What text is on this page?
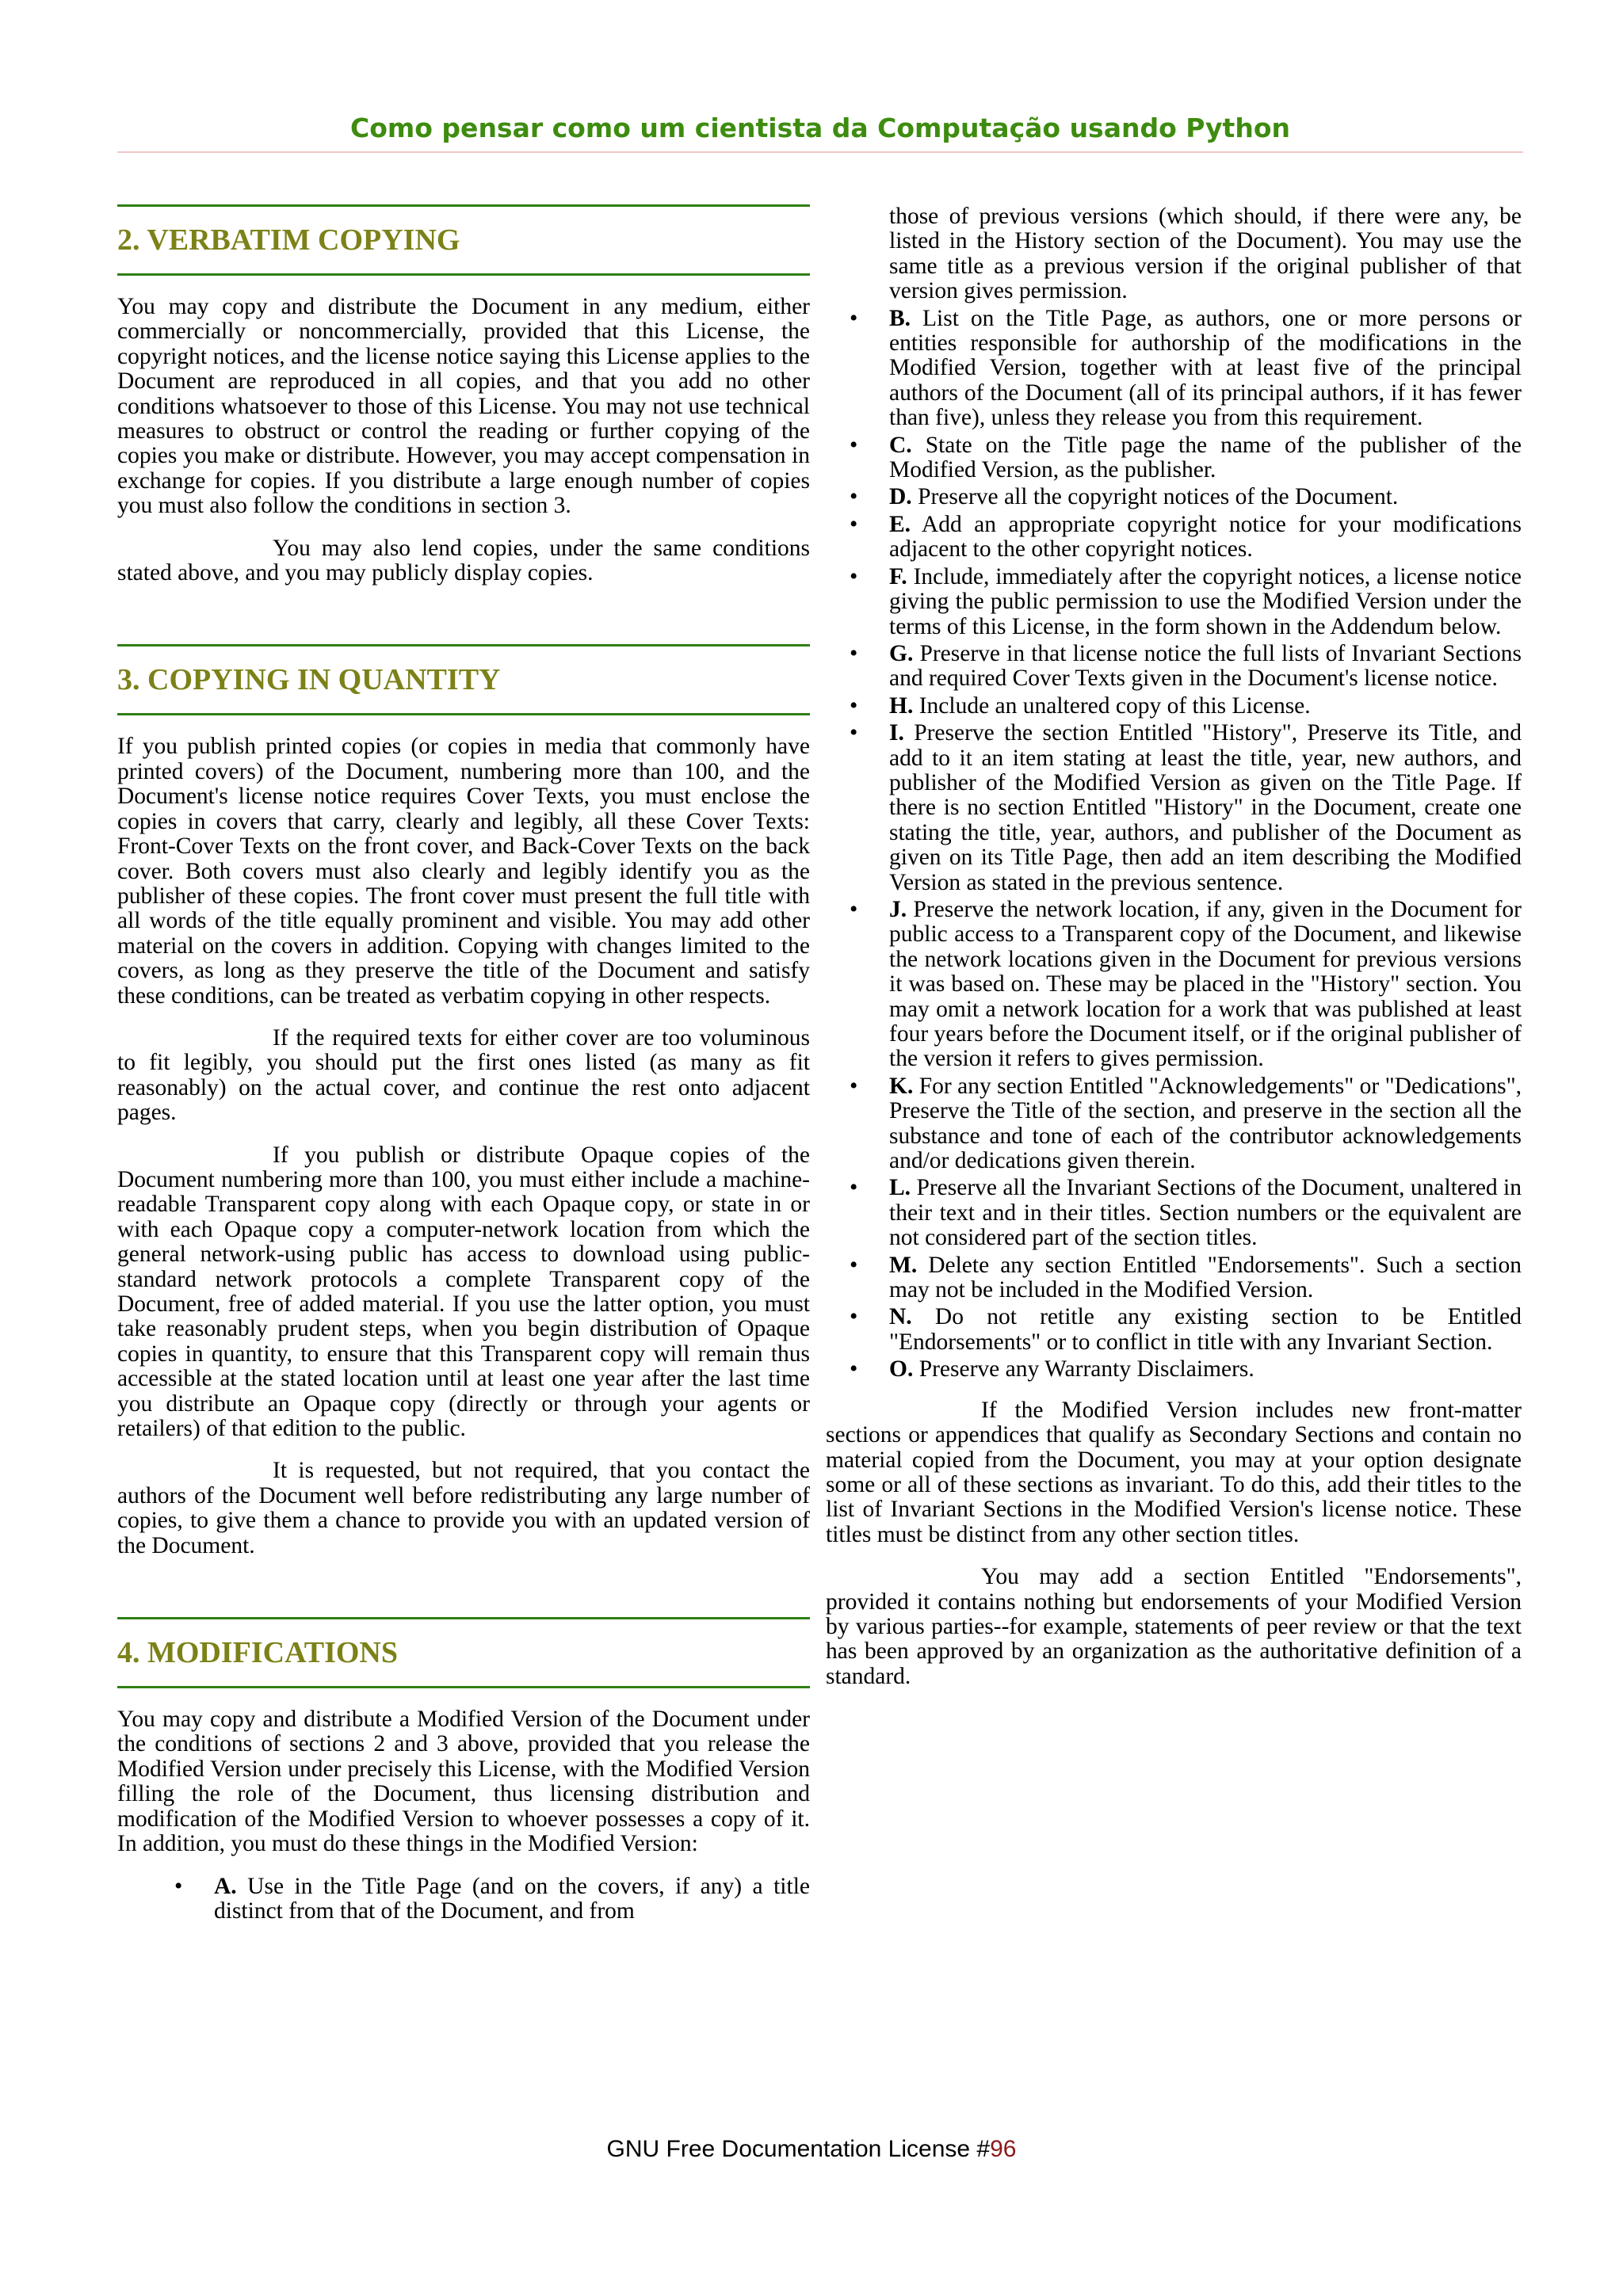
Como pensar como um cientista da Computação usando Python
2. VERBATIM COPYING

You may copy and distribute the Document in any medium, either commercially or noncommercially, provided that this License, the copyright notices, and the license notice saying this License applies to the Document are reproduced in all copies, and that you add no other conditions whatsoever to those of this License. You may not use technical measures to obstruct or control the reading or further copying of the copies you make or distribute. However, you may accept compensation in exchange for copies. If you distribute a large enough number of copies you must also follow the conditions in section 3.

You may also lend copies, under the same conditions stated above, and you may publicly display copies.

3. COPYING IN QUANTITY

If you publish printed copies (or copies in media that commonly have printed covers) of the Document, numbering more than 100, and the Document's license notice requires Cover Texts, you must enclose the copies in covers that carry, clearly and legibly, all these Cover Texts: Front-Cover Texts on the front cover, and Back-Cover Texts on the back cover. Both covers must also clearly and legibly identify you as the publisher of these copies. The front cover must present the full title with all words of the title equally prominent and visible. You may add other material on the covers in addition. Copying with changes limited to the covers, as long as they preserve the title of the Document and satisfy these conditions, can be treated as verbatim copying in other respects.

If the required texts for either cover are too voluminous to fit legibly, you should put the first ones listed (as many as fit reasonably) on the actual cover, and continue the rest onto adjacent pages.

If you publish or distribute Opaque copies of the Document numbering more than 100, you must either include a machine-readable Transparent copy along with each Opaque copy, or state in or with each Opaque copy a computer-network location from which the general network-using public has access to download using public-standard network protocols a complete Transparent copy of the Document, free of added material. If you use the latter option, you must take reasonably prudent steps, when you begin distribution of Opaque copies in quantity, to ensure that this Transparent copy will remain thus accessible at the stated location until at least one year after the last time you distribute an Opaque copy (directly or through your agents or retailers) of that edition to the public.

It is requested, but not required, that you contact the authors of the Document well before redistributing any large number of copies, to give them a chance to provide you with an updated version of the Document.

4. MODIFICATIONS

You may copy and distribute a Modified Version of the Document under the conditions of sections 2 and 3 above, provided that you release the Modified Version under precisely this License, with the Modified Version filling the role of the Document, thus licensing distribution and modification of the Modified Version to whoever possesses a copy of it. In addition, you must do these things in the Modified Version:

• A. Use in the Title Page (and on the covers, if any) a title distinct from that of the Document, and from
those of previous versions (which should, if there were any, be listed in the History section of the Document). You may use the same title as a previous version if the original publisher of that version gives permission.
• B. List on the Title Page, as authors, one or more persons or entities responsible for authorship of the modifications in the Modified Version, together with at least five of the principal authors of the Document (all of its principal authors, if it has fewer than five), unless they release you from this requirement.
• C. State on the Title page the name of the publisher of the Modified Version, as the publisher.
• D. Preserve all the copyright notices of the Document.
• E. Add an appropriate copyright notice for your modifications adjacent to the other copyright notices.
• F. Include, immediately after the copyright notices, a license notice giving the public permission to use the Modified Version under the terms of this License, in the form shown in the Addendum below.
• G. Preserve in that license notice the full lists of Invariant Sections and required Cover Texts given in the Document's license notice.
• H. Include an unaltered copy of this License.
• I. Preserve the section Entitled "History", Preserve its Title, and add to it an item stating at least the title, year, new authors, and publisher of the Modified Version as given on the Title Page. If there is no section Entitled "History" in the Document, create one stating the title, year, authors, and publisher of the Document as given on its Title Page, then add an item describing the Modified Version as stated in the previous sentence.
• J. Preserve the network location, if any, given in the Document for public access to a Transparent copy of the Document, and likewise the network locations given in the Document for previous versions it was based on. These may be placed in the "History" section. You may omit a network location for a work that was published at least four years before the Document itself, or if the original publisher of the version it refers to gives permission.
• K. For any section Entitled "Acknowledgements" or "Dedications", Preserve the Title of the section, and preserve in the section all the substance and tone of each of the contributor acknowledgements and/or dedications given therein.
• L. Preserve all the Invariant Sections of the Document, unaltered in their text and in their titles. Section numbers or the equivalent are not considered part of the section titles.
• M. Delete any section Entitled "Endorsements". Such a section may not be included in the Modified Version.
• N. Do not retitle any existing section to be Entitled "Endorsements" or to conflict in title with any Invariant Section.
• O. Preserve any Warranty Disclaimers.

If the Modified Version includes new front-matter sections or appendices that qualify as Secondary Sections and contain no material copied from the Document, you may at your option designate some or all of these sections as invariant. To do this, add their titles to the list of Invariant Sections in the Modified Version's license notice. These titles must be distinct from any other section titles.

You may add a section Entitled "Endorsements", provided it contains nothing but endorsements of your Modified Version by various parties--for example, statements of peer review or that the text has been approved by an organization as the authoritative definition of a standard.

GNU Free Documentation License #96
